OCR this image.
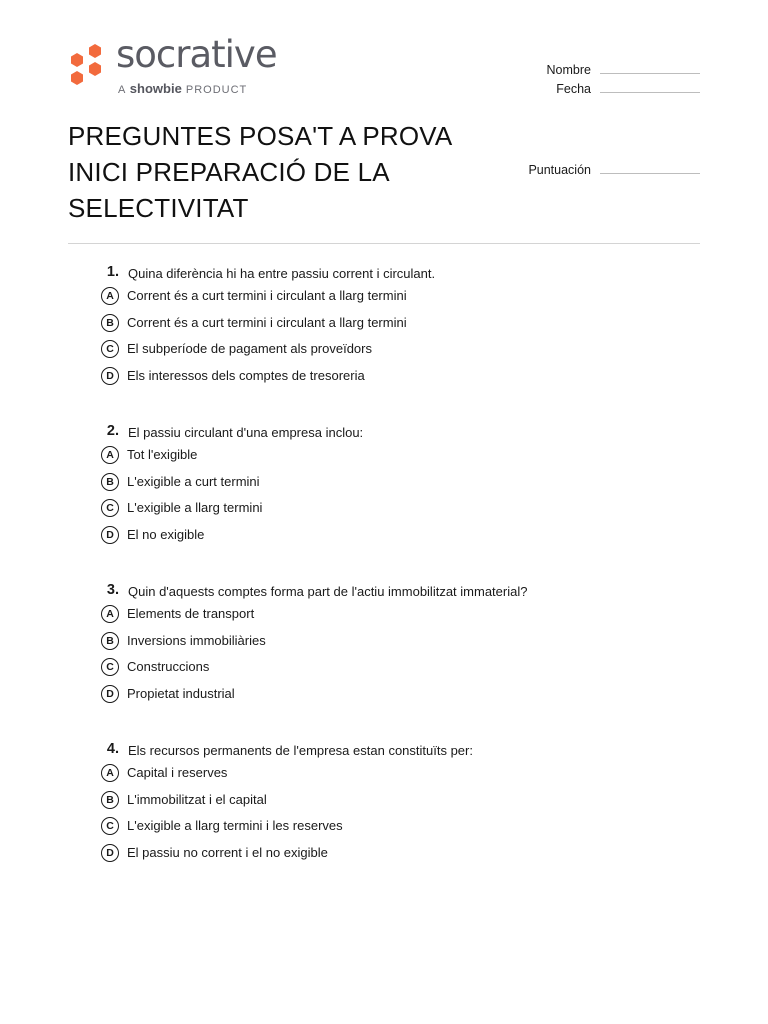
socrative
A showbie PRODUCT
Nombre
Fecha
Puntuación
PREGUNTES POSA'T A PROVA
INICI PREPARACIÓ DE LA
SELECTIVITAT
1. Quina diferència hi ha entre passiu corrent i circulant.
A	Corrent és a curt termini i circulant a llarg termini
B	Corrent és a curt termini i circulant a llarg termini
C	El subperíode de pagament als proveïdors
D	Els interessos dels comptes de tresoreria
2. El passiu circulant d'una empresa inclou:
A	Tot l'exigible
B	L'exigible a curt termini
C	L'exigible a llarg termini
D	El no exigible
3. Quin d'aquests comptes forma part de l'actiu immobilitzat immaterial?
A	Elements de transport
B	Inversions immobiliàries
C	Construccions
D	Propietat industrial
4. Els recursos permanents de l'empresa estan constituïts per:
A	Capital i reserves
B	L'immobilitzat i el capital
C	L'exigible a llarg termini i les reserves
D	El passiu no corrent i el no exigible
